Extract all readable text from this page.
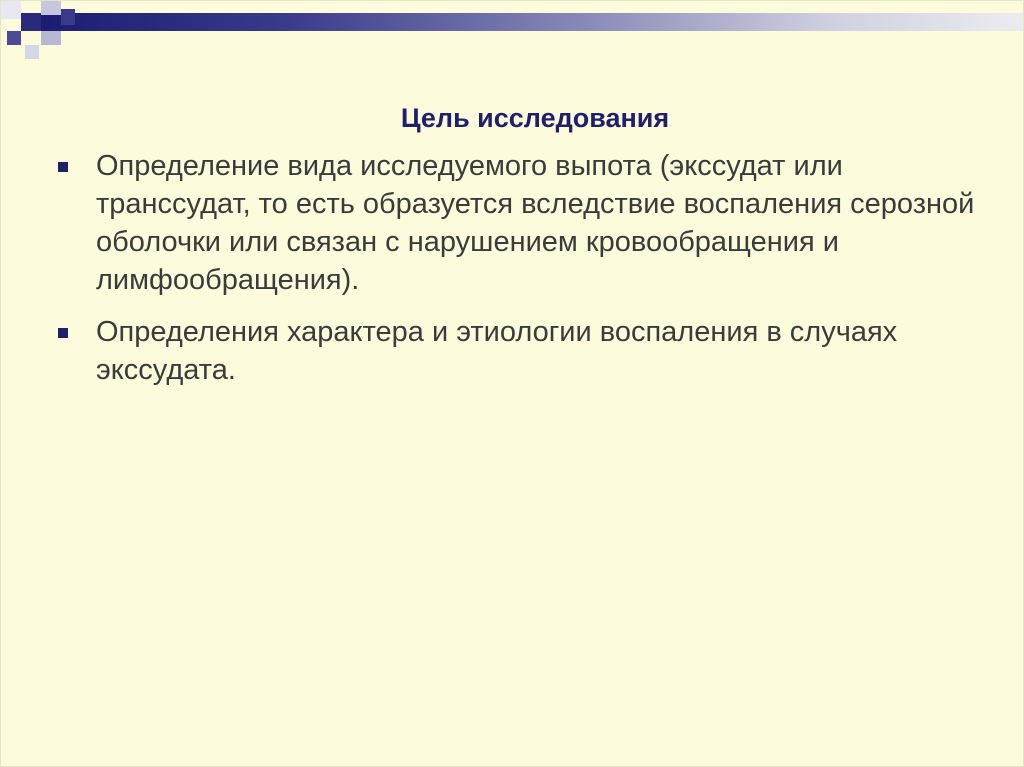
Цель исследования
Определение вида исследуемого выпота (экссудат или транссудат, то есть образуется вследствие воспаления серозной оболочки или связан с нарушением кровообращения и лимфообращения).
Определения характера и этиологии воспаления в случаях экссудата.
